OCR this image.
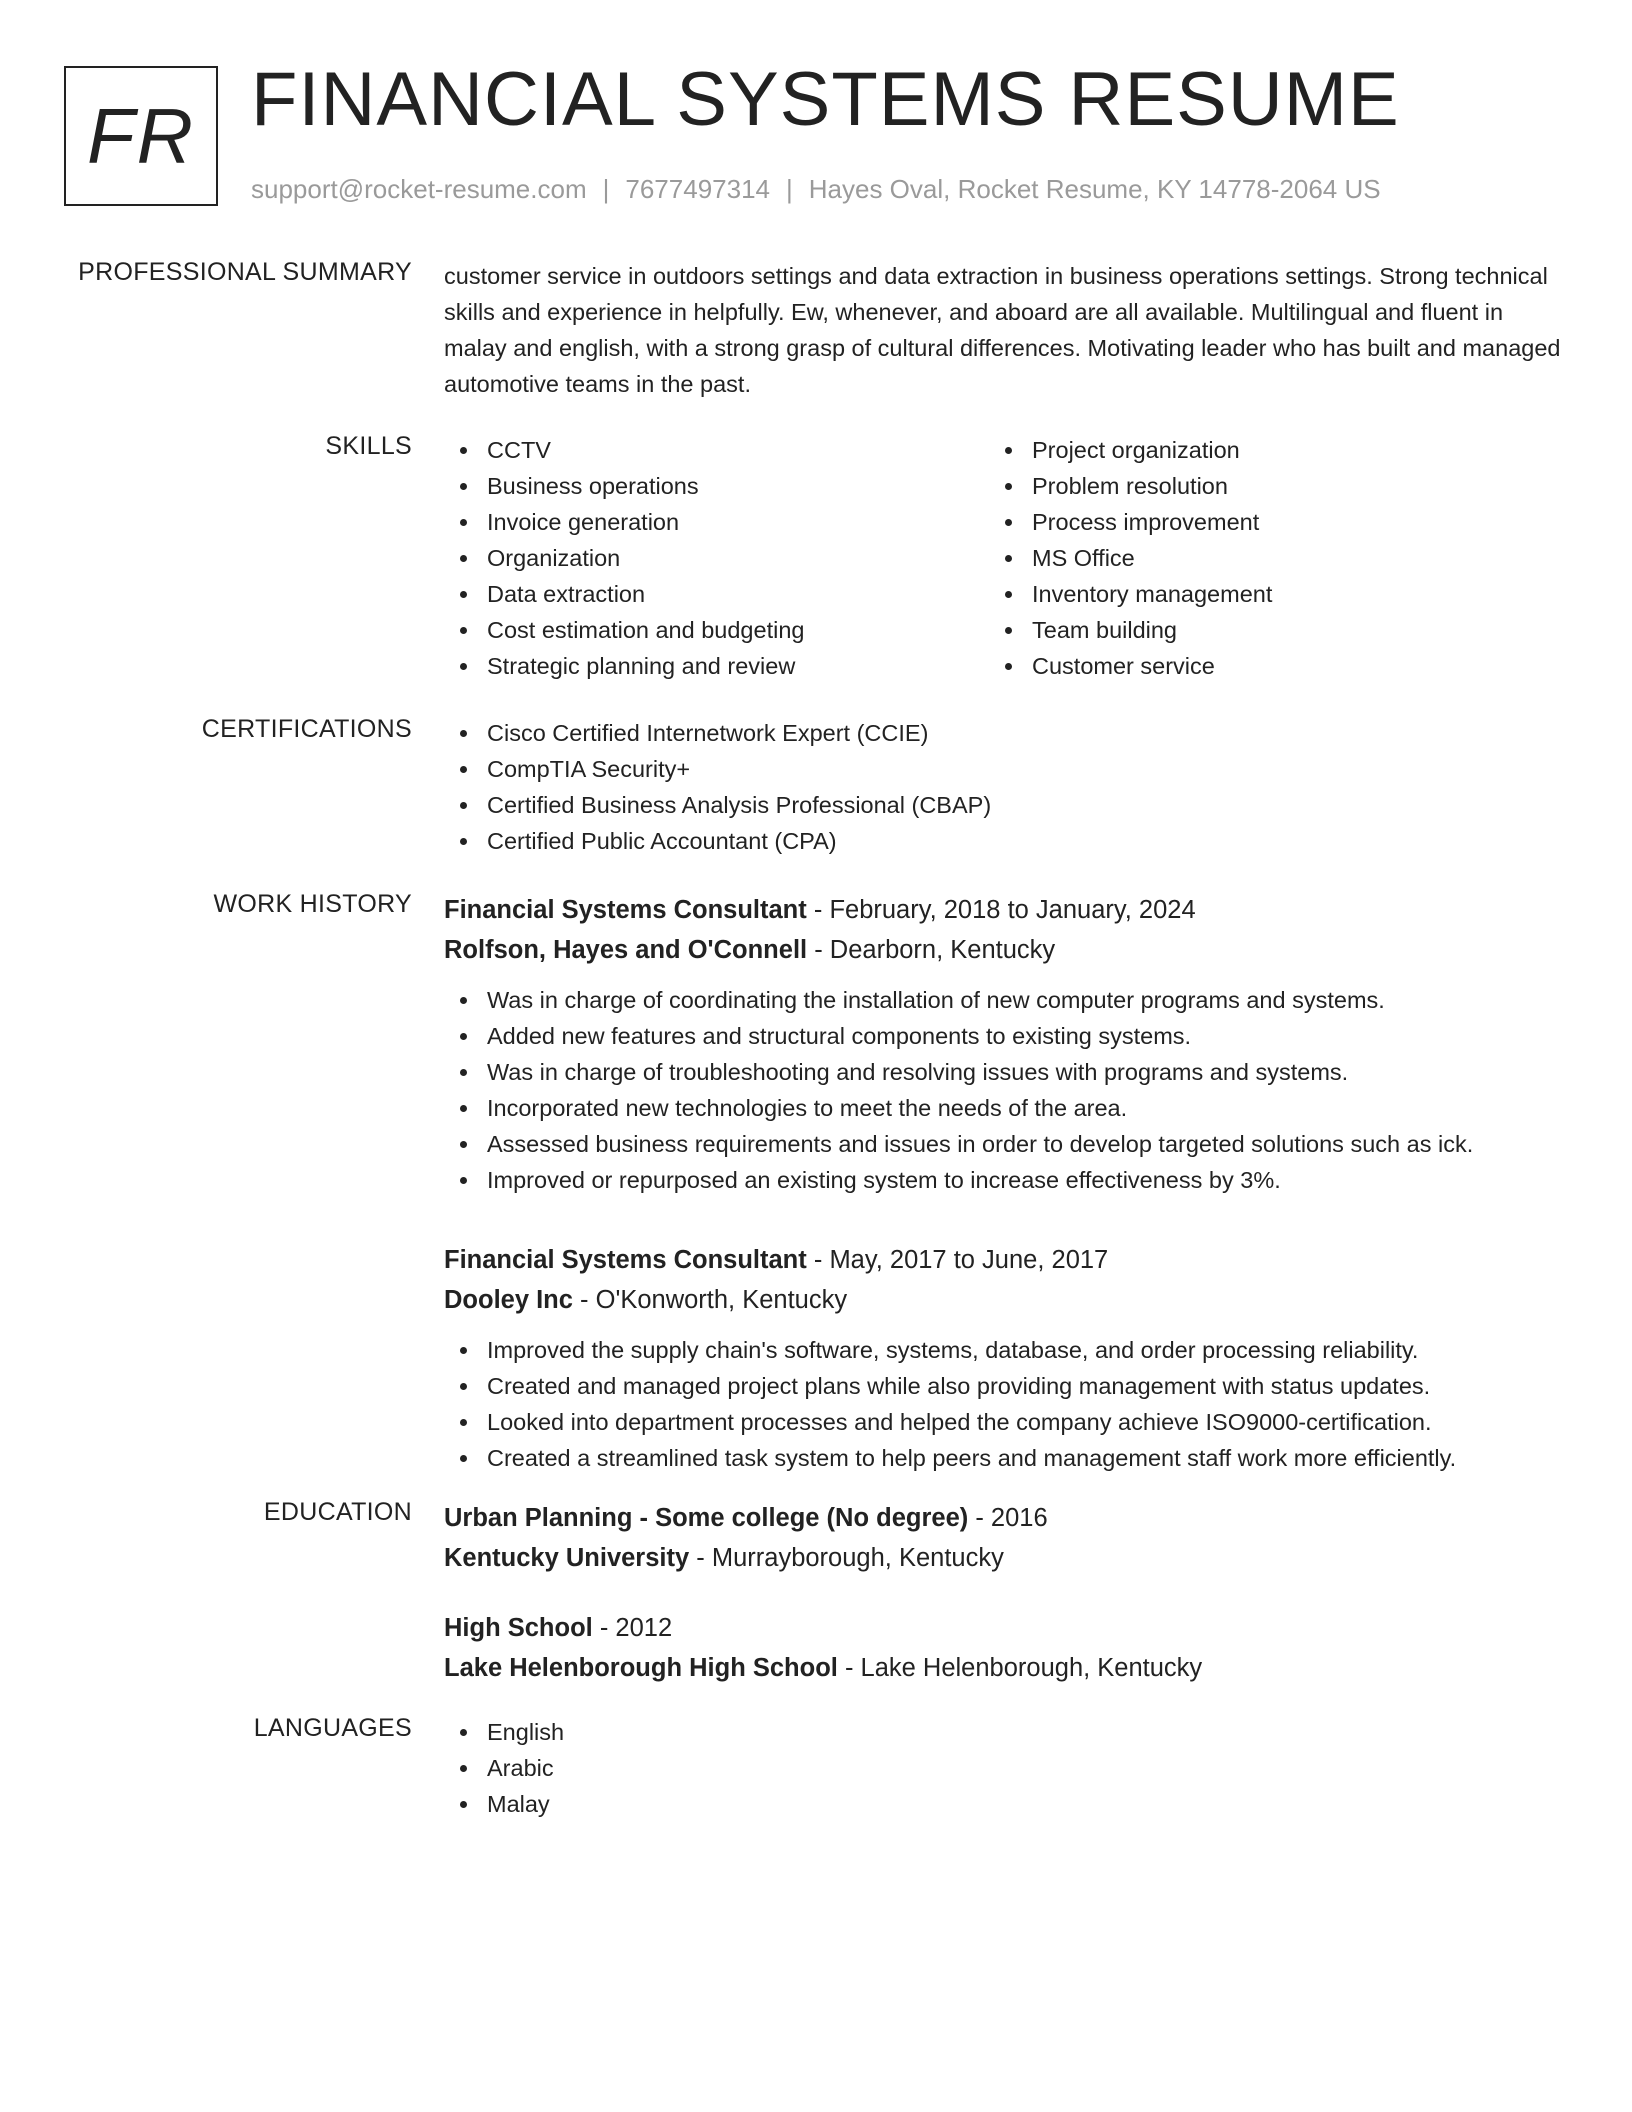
FR FINANCIAL SYSTEMS RESUME
support@rocket-resume.com | 7677497314 | Hayes Oval, Rocket Resume, KY 14778-2064 US
PROFESSIONAL SUMMARY customer service in outdoors settings and data extraction in business operations settings. Strong technical skills and experience in helpfully. Ew, whenever, and aboard are all available. Multilingual and fluent in malay and english, with a strong grasp of cultural differences. Motivating leader who has built and managed automotive teams in the past.

SKILLS	CCTV
Business operations
Invoice generation
Organization
Data extraction
Cost estimation and budgeting
Strategic planning and review
Project organization
Problem resolution
Process improvement
MS Office
Inventory management
Team building
Customer service
CERTIFICATIONS	Cisco Certified Internetwork Expert (CCIE)
CompTIA Security+
Certified Business Analysis Professional (CBAP)
Certified Public Accountant (CPA)
WORK HISTORY Financial Systems Consultant - February, 2018 to January, 2024
Rolfson, Hayes and O'Connell - Dearborn, Kentucky
Was in charge of coordinating the installation of new computer programs and systems.
Added new features and structural components to existing systems.
Was in charge of troubleshooting and resolving issues with programs and systems.
Incorporated new technologies to meet the needs of the area.
Assessed business requirements and issues in order to develop targeted solutions such as ick.
Improved or repurposed an existing system to increase effectiveness by 3%.
Financial Systems Consultant - May, 2017 to June, 2017
Dooley Inc - O'Konworth, Kentucky
Improved the supply chain's software, systems, database, and order processing reliability.
Created and managed project plans while also providing management with status updates.
Looked into department processes and helped the company achieve ISO9000-certification.
Created a streamlined task system to help peers and management staff work more efficiently.
EDUCATION Urban Planning - Some college (No degree) - 2016
Kentucky University - Murrayborough, Kentucky
High School - 2012
Lake Helenborough High School - Lake Helenborough, Kentucky
LANGUAGES	English
Arabic
Malay
